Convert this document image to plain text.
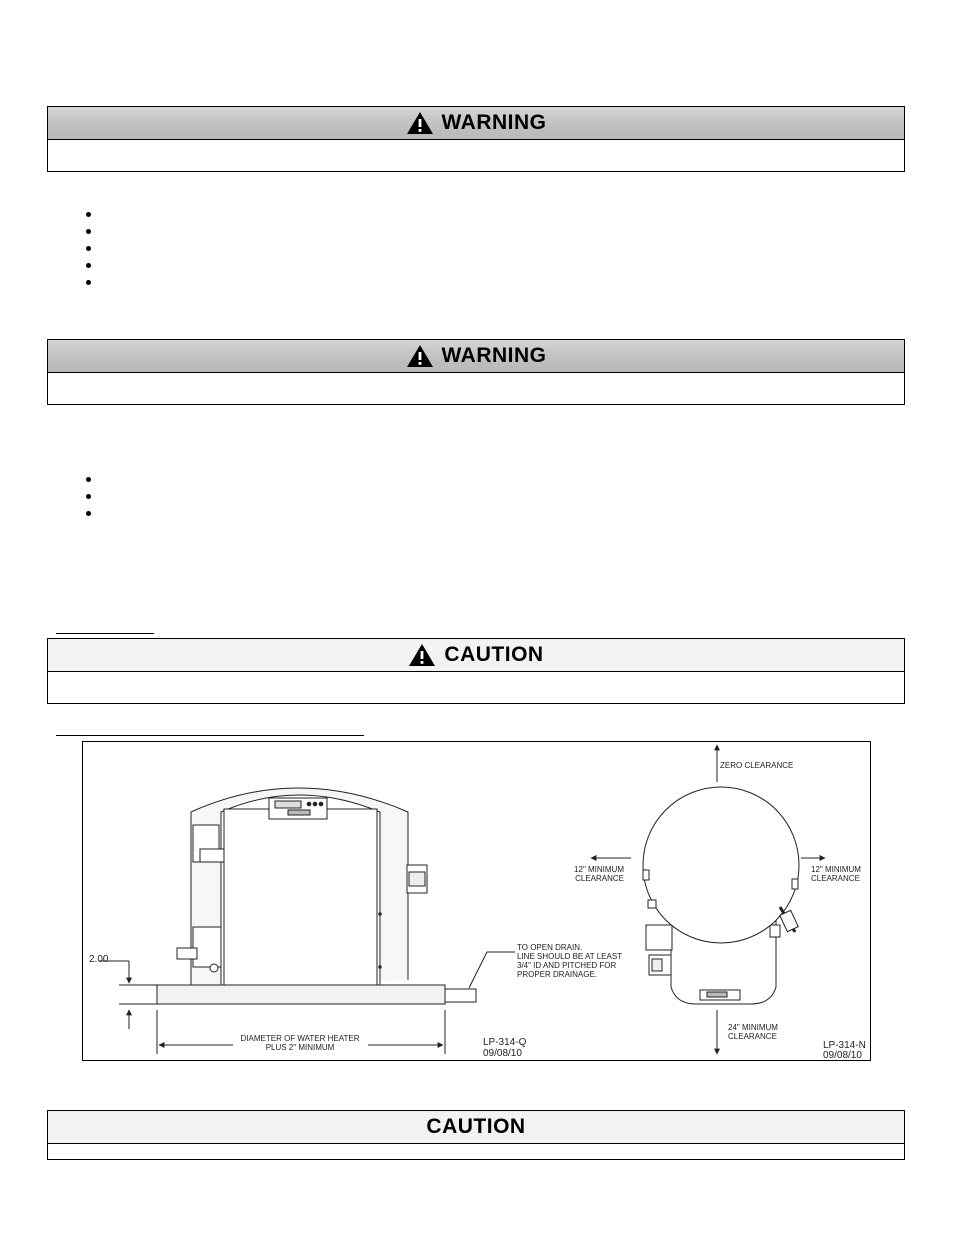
WARNING
WARNING
CAUTION
2.00
TO OPEN DRAIN.
LINE SHOULD BE AT LEAST
3/4" ID AND PITCHED FOR
PROPER DRAINAGE.
DIAMETER OF WATER HEATER
PLUS 2" MINIMUM	LP-314-Q
09/08/10
ZERO CLEARANCE
12" MINIMUM
CLEARANCE
12" MINIMUM
CLEARANCE
24" MINIMUM
CLEARANCE
LP-314-N
09/08/10
CAUTION
